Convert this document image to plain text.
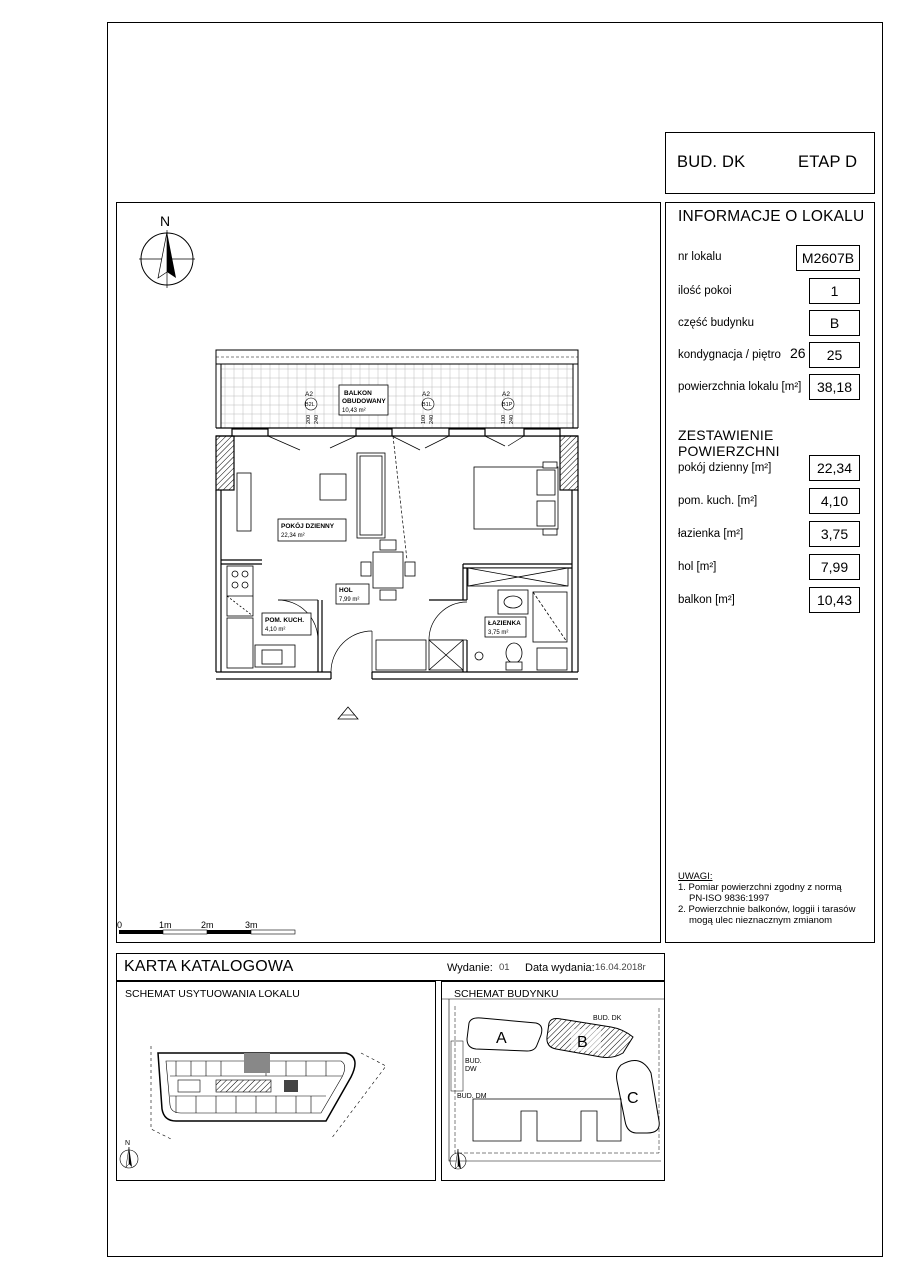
BUD. DK	ETAP D
INFORMACJE O LOKALU
nr lokalu	M2607B
ilość pokoi	1
część budynku	B
kondygnacja / piętro 26	25
powierzchnia lokalu [m²]	38,18
ZESTAWIENIE POWIERZCHNI
pokój dzienny [m²]	22,34
pom. kuch. [m²]	4,10
łazienka [m²]	3,75
hol [m²]	7,99
balkon [m²]	10,43
UWAGI:
1. Pomiar powierzchni zgodny z normą
PN-ISO 9836:1997
2. Powierzchnie balkonów, loggii i tarasów
mogą ulec nieznacznym zmianom
N
BALKON
OBUDOWANY
10,43 m²
A2
B2L
200 240
A2
B1L
100 240
A2
B1P
100 240
POKÓJ DZIENNY
22,34 m²
HOL
7,99 m²
POM. KUCH.
4,10 m²
ŁAZIENKA
3,75 m²
0	1m	2m	3m
KARTA KATALOGOWA	Wydanie: 01 Data wydania: 16.04.2018r
SCHEMAT USYTUOWANIA LOKALU
N
SCHEMAT BUDYNKU
A	B
BUD. DK
C
BUD.
DW
BUD. DM
